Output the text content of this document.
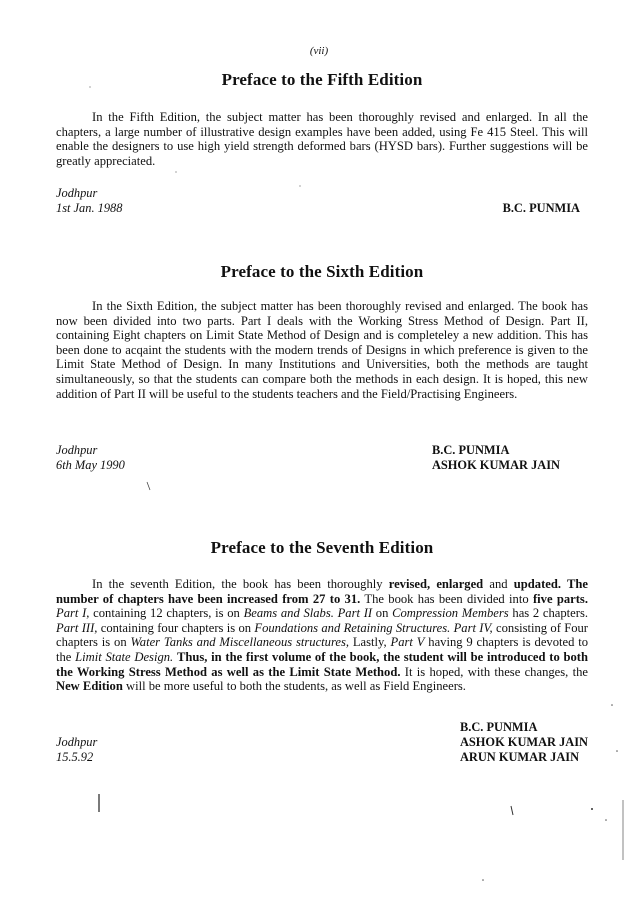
(vii)
Preface to the Fifth Edition

In the Fifth Edition, the subject matter has been thoroughly revised and enlarged. In all the chapters, a large number of illustrative design examples have been added, using Fe 415 Steel. This will enable the designers to use high yield strength deformed bars (HYSD bars). Further suggestions will be greatly appreciated.

Jodhpur
1st Jan. 1988	B.C. PUNMIA
Preface to the Sixth Edition

In the Sixth Edition, the subject matter has been thoroughly revised and enlarged. The book has now been divided into two parts. Part I deals with the Working Stress Method of Design. Part II, containing Eight chapters on Limit State Method of Design and is completeley a new addition. This has been done to acqaint the students with the modern trends of Designs in which preference is given to the Limit State Method of Design. In many Institutions and Universities, both the methods are taught simultaneously, so that the students can compare both the methods in each design. It is hoped, this new addition of Part II will be useful to the students teachers and the Field/Practising Engineers.

Jodhpur
6th May 1990
B.C. PUNMIA
ASHOK KUMAR JAIN
Preface to the Seventh Edition

In the seventh Edition, the book has been thoroughly revised, enlarged and updated. The number of chapters have been increased from 27 to 31. The book has been divided into five parts. Part I, containing 12 chapters, is on Beams and Slabs. Part II on Compression Members has 2 chapters. Part III, containing four chapters is on Foundations and Retaining Structures. Part IV, consisting of Four chapters is on Water Tanks and Miscellaneous structures, Lastly, Part V having 9 chapters is devoted to the Limit State Design. Thus, in the first volume of the book, the student will be introduced to both the Working Stress Method as well as the Limit State Method. It is hoped, with these changes, the New Edition will be more useful to both the students, as well as Field Engineers.

Jodhpur
15.5.92
B.C. PUNMIA
ASHOK KUMAR JAIN
ARUN KUMAR JAIN
